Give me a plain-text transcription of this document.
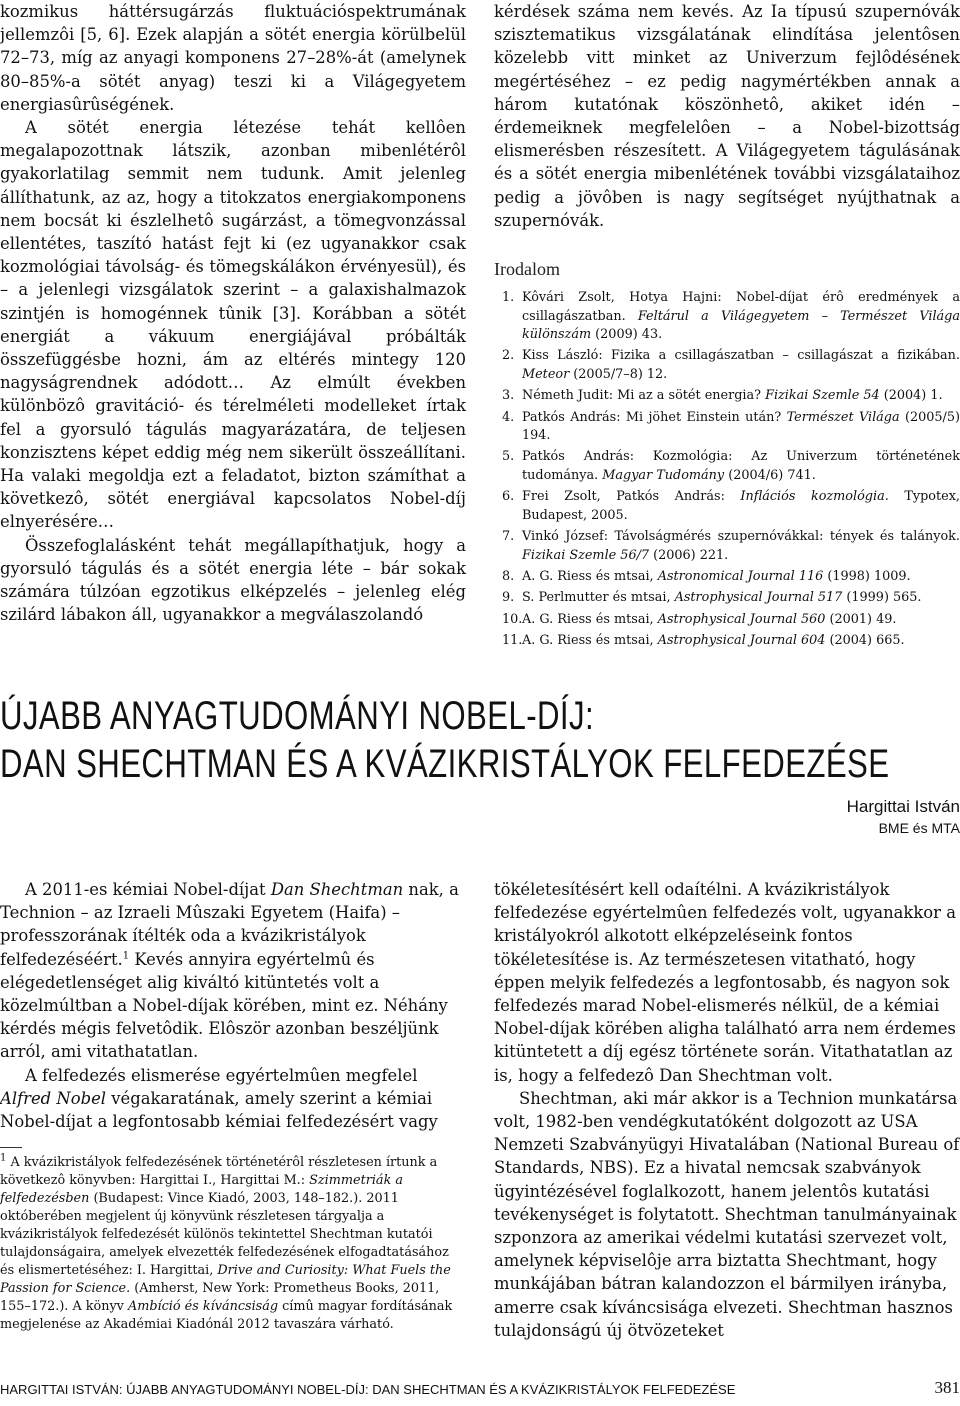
kozmikus háttérsugárzás fluktuációspektrumának jellemzôi [5, 6]. Ezek alapján a sötét energia körülbelül 72–73, míg az anyagi komponens 27–28%-át (amelynek 80–85%-a sötét anyag) teszi ki a Világegyetem energiasûrûségének.

A sötét energia létezése tehát kellôen megalapozottnak látszik, azonban mibenlétérôl gyakorlatilag semmit nem tudunk. Amit jelenleg állíthatunk, az az, hogy a titokzatos energiakomponens nem bocsát ki észlelhetô sugárzást, a tömegvonzással ellentétes, taszító hatást fejt ki (ez ugyanakkor csak kozmológiai távolság- és tömegskálákon érvényesül), és – a jelenlegi vizsgálatok szerint – a galaxishalmazok szintjén is homogénnek tûnik [3]. Korábban a sötét energiát a vákuum energiájával próbálták összefüggésbe hozni, ám az eltérés mintegy 120 nagyságrendnek adódott… Az elmúlt években különbözô gravitáció- és térelméleti modelleket írtak fel a gyorsuló tágulás magyarázatára, de teljesen konzisztens képet eddig még nem sikerült összeállítani. Ha valaki megoldja ezt a feladatot, bizton számíthat a következô, sötét energiával kapcsolatos Nobel-díj elnyerésére…

Összefoglalásként tehát megállapíthatjuk, hogy a gyorsuló tágulás és a sötét energia léte – bár sokak számára túlzóan egzotikus elképzelés – jelenleg elég szilárd lábakon áll, ugyanakkor a megválaszolandó

kérdések száma nem kevés. Az Ia típusú szupernóvák szisztematikus vizsgálatának elindítása jelentôsen közelebb vitt minket az Univerzum fejlôdésének megértéséhez – ez pedig nagymértékben annak a három kutatónak köszönhetô, akiket idén – érdemeiknek megfelelôen – a Nobel-bizottság elismerésben részesített. A Világegyetem tágulásának és a sötét energia mibenlétének további vizsgálataihoz pedig a jövôben is nagy segítséget nyújthatnak a szupernóvák.

Irodalom
1. Kôvári Zsolt, Hotya Hajni: Nobel-díjat érô eredmények a csillagászatban. Feltárul a Világegyetem – Természet Világa különszám (2009) 43.
2. Kiss László: Fizika a csillagászatban – csillagászat a fizikában. Meteor (2005/7–8) 12.
3. Németh Judit: Mi az a sötét energia? Fizikai Szemle 54 (2004) 1.
4. Patkós András: Mi jöhet Einstein után? Természet Világa (2005/5) 194.
5. Patkós András: Kozmológia: Az Univerzum történetének tudománya. Magyar Tudomány (2004/6) 741.
6. Frei Zsolt, Patkós András: Inflációs kozmológia. Typotex, Budapest, 2005.
7. Vinkó József: Távolságmérés szupernóvákkal: tények és talányok. Fizikai Szemle 56/7 (2006) 221.
8. A. G. Riess és mtsai, Astronomical Journal 116 (1998) 1009.
9. S. Perlmutter és mtsai, Astrophysical Journal 517 (1999) 565.
10. A. G. Riess és mtsai, Astrophysical Journal 560 (2001) 49.
11. A. G. Riess és mtsai, Astrophysical Journal 604 (2004) 665.
ÚJABB ANYAGTUDOMÁNYI NOBEL-DÍJ:
DAN SHECHTMAN ÉS A KVÁZIKRISTÁLYOK FELFEDEZÉSE
Hargittai István
BME és MTA

A 2011-es kémiai Nobel-díjat Dan Shechtman nak, a Technion – az Izraeli Mûszaki Egyetem (Haifa) – professzorának ítélték oda a kvázikristályok felfedezéséért.$^1$ Kevés annyira egyértelmû és elégedetlenséget alig kiváltó kitüntetés volt a közelmúltban a Nobel-díjak körében, mint ez. Néhány kérdés mégis felvetôdik. Elôször azonban beszéljünk arról, ami vitathatatlan.

A felfedezés elismerése egyértelmûen megfelel Alfred Nobel végakaratának, amely szerint a kémiai Nobel-díjat a legfontosabb kémiai felfedezésért vagy

$^1$ A kvázikristályok felfedezésének történetérôl részletesen írtunk a következô könyvben: Hargittai I., Hargittai M.: Szimmetriák a felfedezésben (Budapest: Vince Kiadó, 2003, 148–182.). 2011 októberében megjelent új könyvünk részletesen tárgyalja a kvázikristályok felfedezését különös tekintettel Shechtman kutatói tulajdonságaira, amelyek elvezették felfedezésének elfogadtatásához és elismertetéséhez: I. Hargittai, Drive and Curiosity: What Fuels the Passion for Science. (Amherst, New York: Prometheus Books, 2011, 155–172.). A könyv Ambíció és kíváncsiság címû magyar fordításának megjelenése az Akadémiai Kiadónál 2012 tavaszára várható.

tökéletesítésért kell odaítélni. A kvázikristályok felfedezése egyértelmûen felfedezés volt, ugyanakkor a kristályokról alkotott elképzeléseink fontos tökéletesítése is. Az természetesen vitatható, hogy éppen melyik felfedezés a legfontosabb, és nagyon sok felfedezés marad Nobel-elismerés nélkül, de a kémiai Nobel-díjak körében aligha található arra nem érdemes kitüntetett a díj egész története során. Vitathatatlan az is, hogy a felfedezô Dan Shechtman volt.

Shechtman, aki már akkor is a Technion munkatársa volt, 1982-ben vendégkutatóként dolgozott az USA Nemzeti Szabványügyi Hivatalában (National Bureau of Standards, NBS). Ez a hivatal nemcsak szabványok ügyintézésével foglalkozott, hanem jelentôs kutatási tevékenységet is folytatott. Shechtman tanulmányainak szponzora az amerikai védelmi kutatási szervezet volt, amelynek képviselôje arra biztatta Shechtmant, hogy munkájában bátran kalandozzon el bármilyen irányba, amerre csak kíváncsisága elvezeti. Shechtman hasznos tulajdonságú új ötvözeteket

HARGITTAI ISTVÁN: ÚJABB ANYAGTUDOMÁNYI NOBEL-DÍJ: DAN SHECHTMAN ÉS A KVÁZIKRISTÁLYOK FELFEDEZÉSE	381
